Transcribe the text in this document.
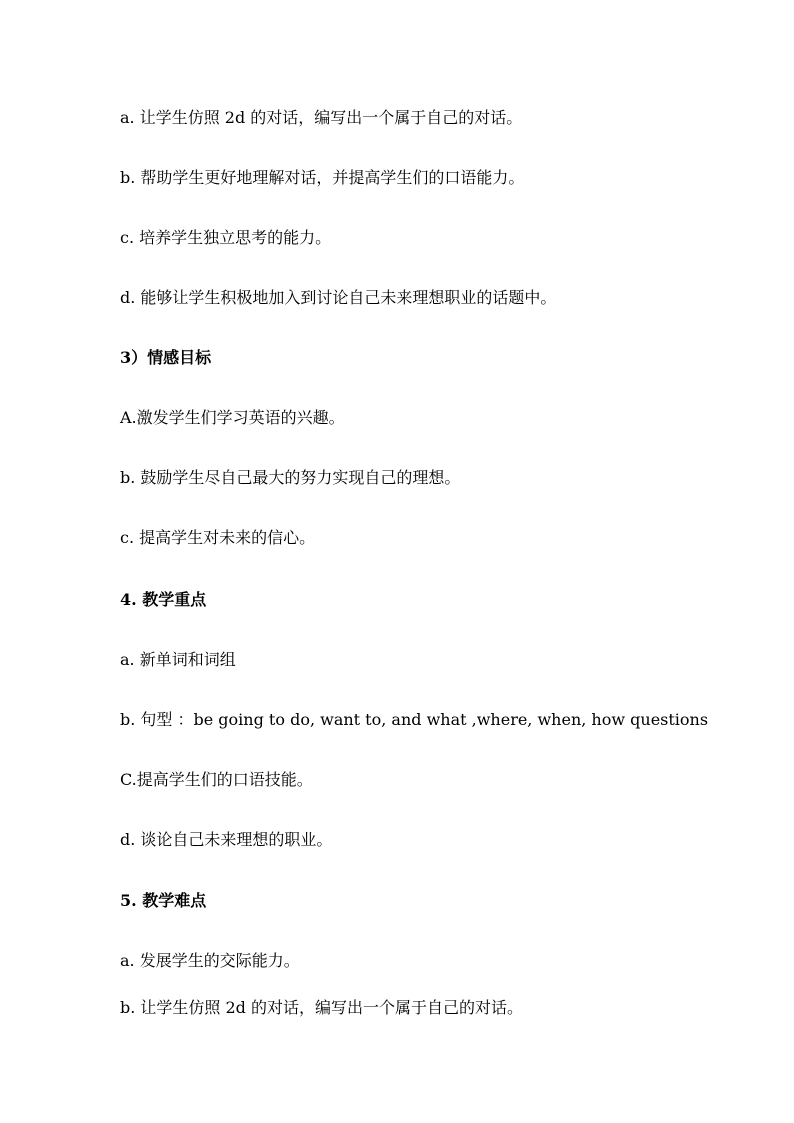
a. 让学生仿照 2d 的对话，编写出一个属于自己的对话。
b. 帮助学生更好地理解对话，并提高学生们的口语能力。
c. 培养学生独立思考的能力。
d. 能够让学生积极地加入到讨论自己未来理想职业的话题中。
3）情感目标
A.激发学生们学习英语的兴趣。
b. 鼓励学生尽自己最大的努力实现自己的理想。
c. 提高学生对未来的信心。
4. 教学重点
a. 新单词和词组
b. 句型 ：be going to do, want to, and what ,where, when, how questions
C.提高学生们的口语技能。
d. 谈论自己未来理想的职业。
5. 教学难点
a. 发展学生的交际能力。
b. 让学生仿照 2d 的对话，编写出一个属于自己的对话。
